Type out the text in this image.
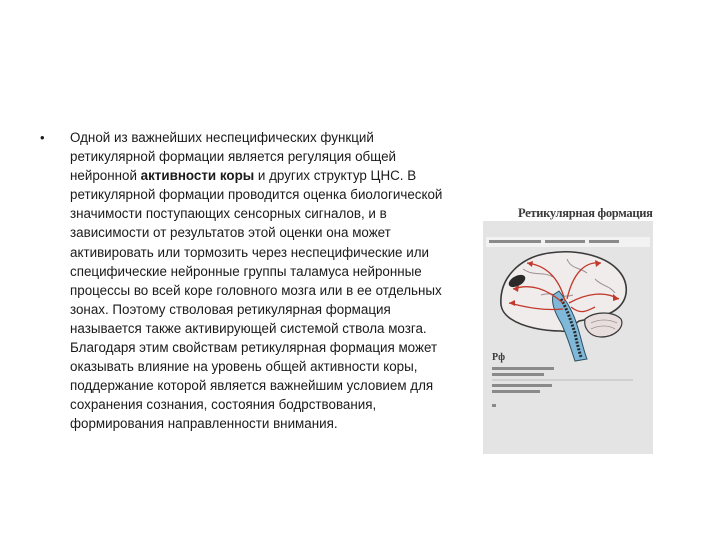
• Одной из важнейших неспецифических функций ретикулярной формации является регуляция общей нейронной активности коры и других структур ЦНС. В ретикулярной формации проводится оценка биологической значимости поступающих сенсорных сигналов, и в зависимости от результатов этой оценки она может активировать или тормозить через неспецифические или специфические нейронные группы таламуса нейронные процессы во всей коре головного мозга или в ее отдельных зонах. Поэтому стволовая ретикулярная формация называется также активирующей системой ствола мозга. Благодаря этим свойствам ретикулярная формация может оказывать влияние на уровень общей активности коры, поддержание которой является важнейшим условием для сохранения сознания, состояния бодрствования, формирования направленности внимания.
Ретикулярная формация
Рф
